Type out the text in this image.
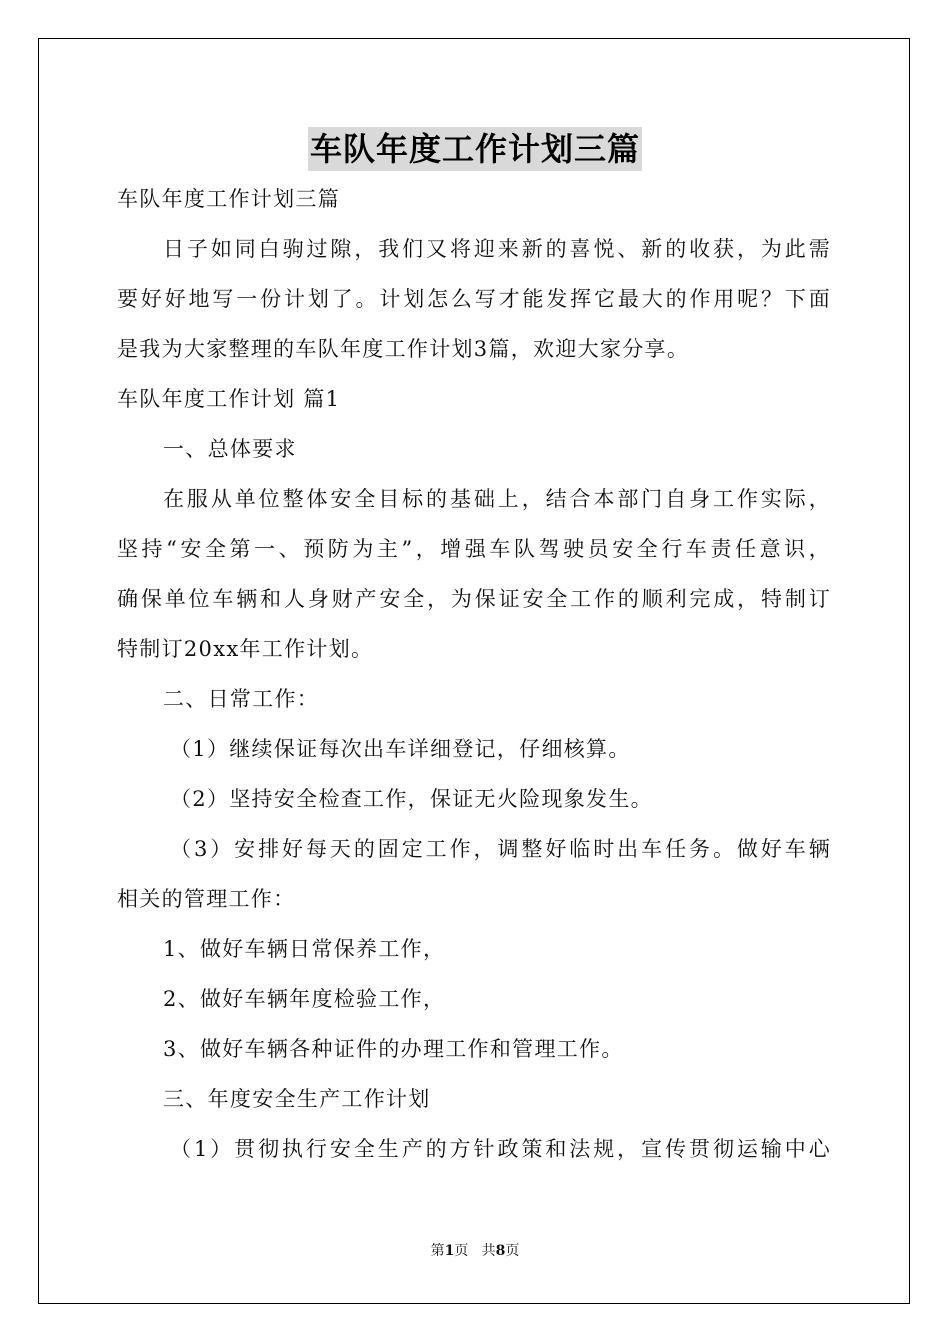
车队年度工作计划三篇
车队年度工作计划三篇
日子如同白驹过隙，我们又将迎来新的喜悦、新的收获，为此需
要好好地写一份计划了。计划怎么写才能发挥它最大的作用呢？下面
是我为大家整理的车队年度工作计划3篇，欢迎大家分享。
车队年度工作计划 篇1
一、总体要求
在服从单位整体安全目标的基础上，结合本部门自身工作实际，
坚持“安全第一、预防为主”，增强车队驾驶员安全行车责任意识，
确保单位车辆和人身财产安全，为保证安全工作的顺利完成，特制订
特制订20xx年工作计划。
二、日常工作：
（1）继续保证每次出车详细登记，仔细核算。
（2）坚持安全检查工作，保证无火险现象发生。
（3）安排好每天的固定工作，调整好临时出车任务。做好车辆
相关的管理工作：
1、做好车辆日常保养工作，
2、做好车辆年度检验工作，
3、做好车辆各种证件的办理工作和管理工作。
三、年度安全生产工作计划
（1）贯彻执行安全生产的方针政策和法规，宣传贯彻运输中心
第1页 共8页
